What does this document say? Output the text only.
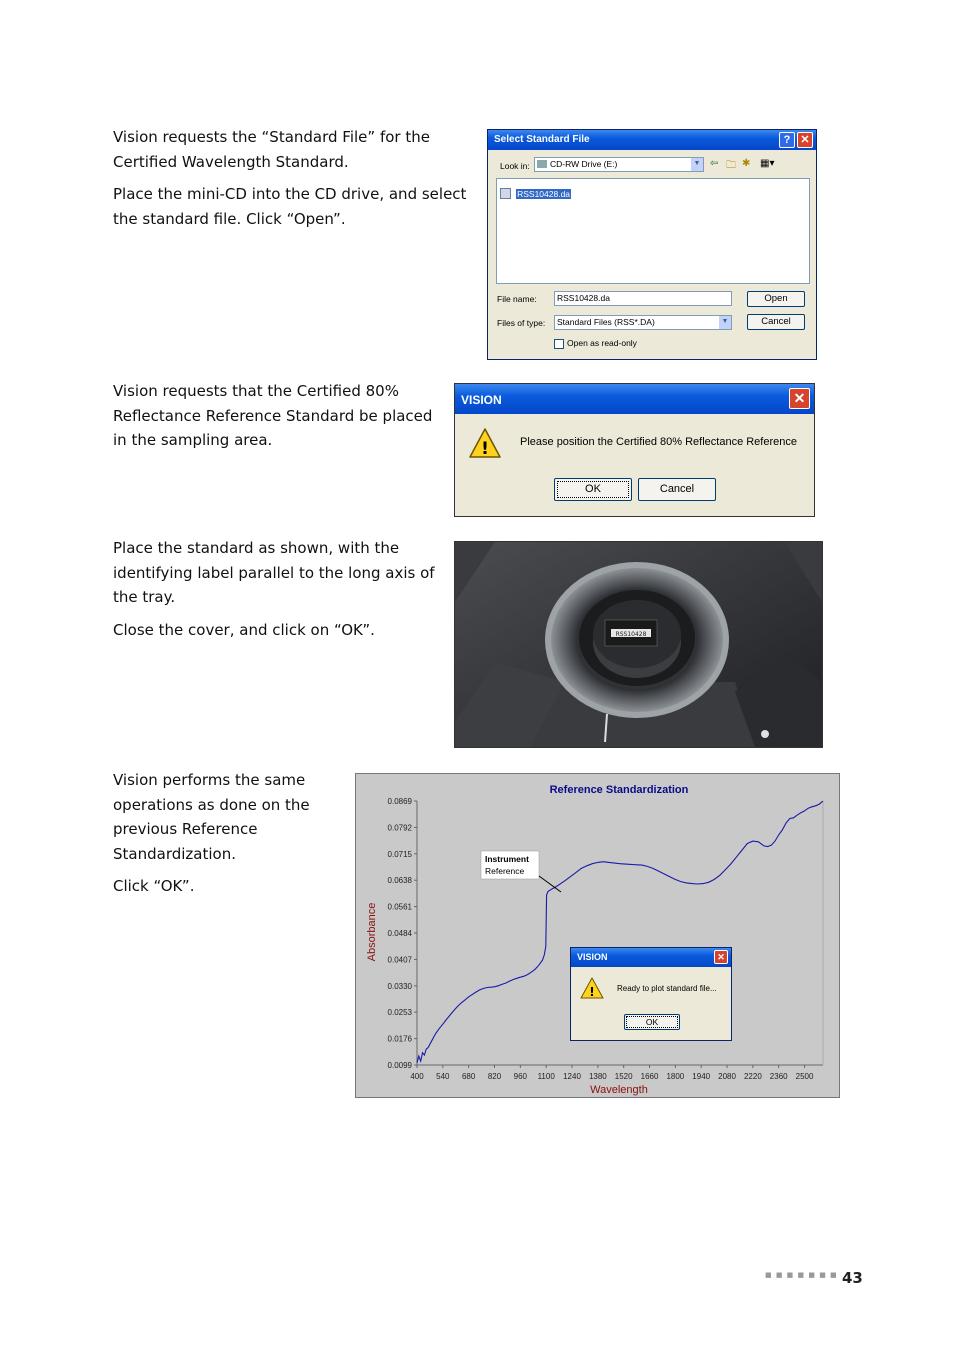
Vision requests the “Standard File” for the
Certified Wavelength Standard.
Place the mini-CD into the CD drive, and select
the standard file. Click “Open”.
Vision requests that the Certified 80%
Reflectance Reference Standard be placed
in the sampling area.
Place the standard as shown, with the
identifying label parallel to the long axis of
the tray.
Close the cover, and click on “OK”.
Vision performs the same
operations as done on the
previous Reference
Standardization.
Click “OK”.
Select Standard File	? ✕
Look in:	CD-RW Drive (E:)	▼ ⇦ 🗀 ✱ ▦▾
RSS10428.da
File name:	RSS10428.da
Files of type:	Standard Files (RSS*.DA)	▼
Open
Cancel
Open as read-only
VISION	✕
!	Please position the Certified 80% Reflectance Reference
OK	Cancel
RSS10428
Reference Standardization
Wavelength
Absorbance
0.0869
0.0792
0.0715
0.0638
0.0561
0.0484
0.0407
0.0330
0.0253
0.0176
0.0099
400 540 680 820 960 1100 1240 1380 1520 1660 1800 1940 2080 2220 2360 2500
Instrument
Reference
VISION	✕
!	Ready to plot standard file...
OK
■ ■ ■ ■ ■ ■ ■ 43
